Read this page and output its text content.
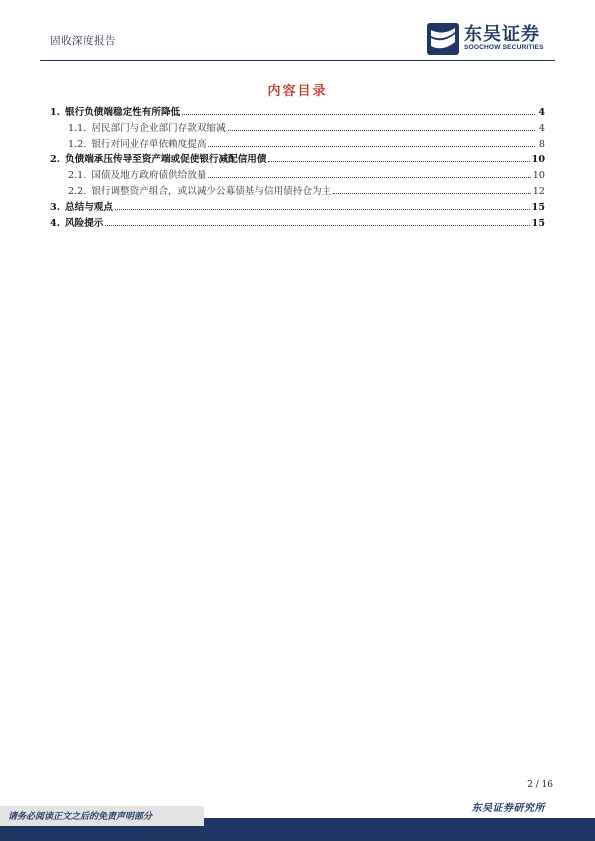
固收深度报告	东吴证券
SOOCHOW SECURITIES
内容目录
1. 银行负债端稳定性有所降低	4
1.1. 居民部门与企业部门存款双缩减	4
1.2. 银行对同业存单依赖度提高	8
2. 负债端承压传导至资产端或促使银行减配信用债	10
2.1. 国债及地方政府债供给放量	10
2.2. 银行调整资产组合，或以减少公募债基与信用债持仓为主	12
3. 总结与观点	15
4. 风险提示	15
2 / 16
东吴证券研究所
请务必阅读正文之后的免责声明部分
